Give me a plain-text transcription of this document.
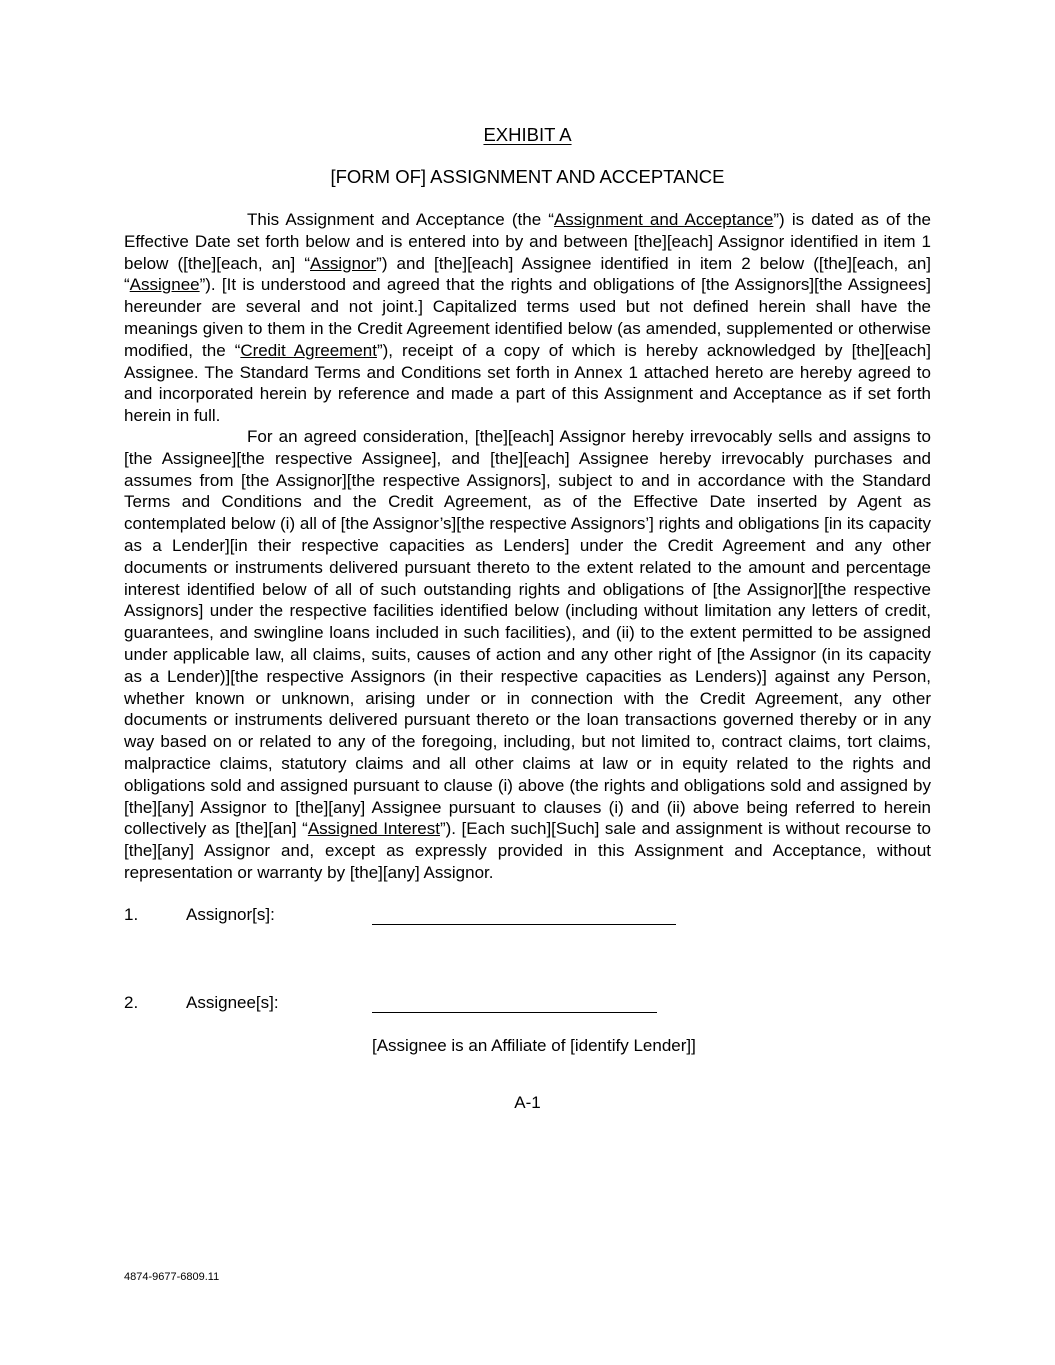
EXHIBIT A
[FORM OF] ASSIGNMENT AND ACCEPTANCE

This Assignment and Acceptance (the “Assignment and Acceptance”) is dated as of the Effective Date set forth below and is entered into by and between [the][each] Assignor identified in item 1 below ([the][each, an] “Assignor”) and [the][each] Assignee identified in item 2 below ([the][each, an] “Assignee”). [It is understood and agreed that the rights and obligations of [the Assignors][the Assignees] hereunder are several and not joint.] Capitalized terms used but not defined herein shall have the meanings given to them in the Credit Agreement identified below (as amended, supplemented or otherwise modified, the “Credit Agreement”), receipt of a copy of which is hereby acknowledged by [the][each] Assignee. The Standard Terms and Conditions set forth in Annex 1 attached hereto are hereby agreed to and incorporated herein by reference and made a part of this Assignment and Acceptance as if set forth herein in full.

For an agreed consideration, [the][each] Assignor hereby irrevocably sells and assigns to [the Assignee][the respective Assignee], and [the][each] Assignee hereby irrevocably purchases and assumes from [the Assignor][the respective Assignors], subject to and in accordance with the Standard Terms and Conditions and the Credit Agreement, as of the Effective Date inserted by Agent as contemplated below (i) all of [the Assignor’s][the respective Assignors’] rights and obligations [in its capacity as a Lender][in their respective capacities as Lenders] under the Credit Agreement and any other documents or instruments delivered pursuant thereto to the extent related to the amount and percentage interest identified below of all of such outstanding rights and obligations of [the Assignor][the respective Assignors] under the respective facilities identified below (including without limitation any letters of credit, guarantees, and swingline loans included in such facilities), and (ii) to the extent permitted to be assigned under applicable law, all claims, suits, causes of action and any other right of [the Assignor (in its capacity as a Lender)][the respective Assignors (in their respective capacities as Lenders)] against any Person, whether known or unknown, arising under or in connection with the Credit Agreement, any other documents or instruments delivered pursuant thereto or the loan transactions governed thereby or in any way based on or related to any of the foregoing, including, but not limited to, contract claims, tort claims, malpractice claims, statutory claims and all other claims at law or in equity related to the rights and obligations sold and assigned pursuant to clause (i) above (the rights and obligations sold and assigned by [the][any] Assignor to [the][any] Assignee pursuant to clauses (i) and (ii) above being referred to herein collectively as [the][an] “Assigned Interest”). [Each such][Such] sale and assignment is without recourse to [the][any] Assignor and, except as expressly provided in this Assignment and Acceptance, without representation or warranty by [the][any] Assignor.

1.	Assignor[s]:
2.	Assignee[s]:
[Assignee is an Affiliate of [identify Lender]]
A-1
4874-9677-6809.11
